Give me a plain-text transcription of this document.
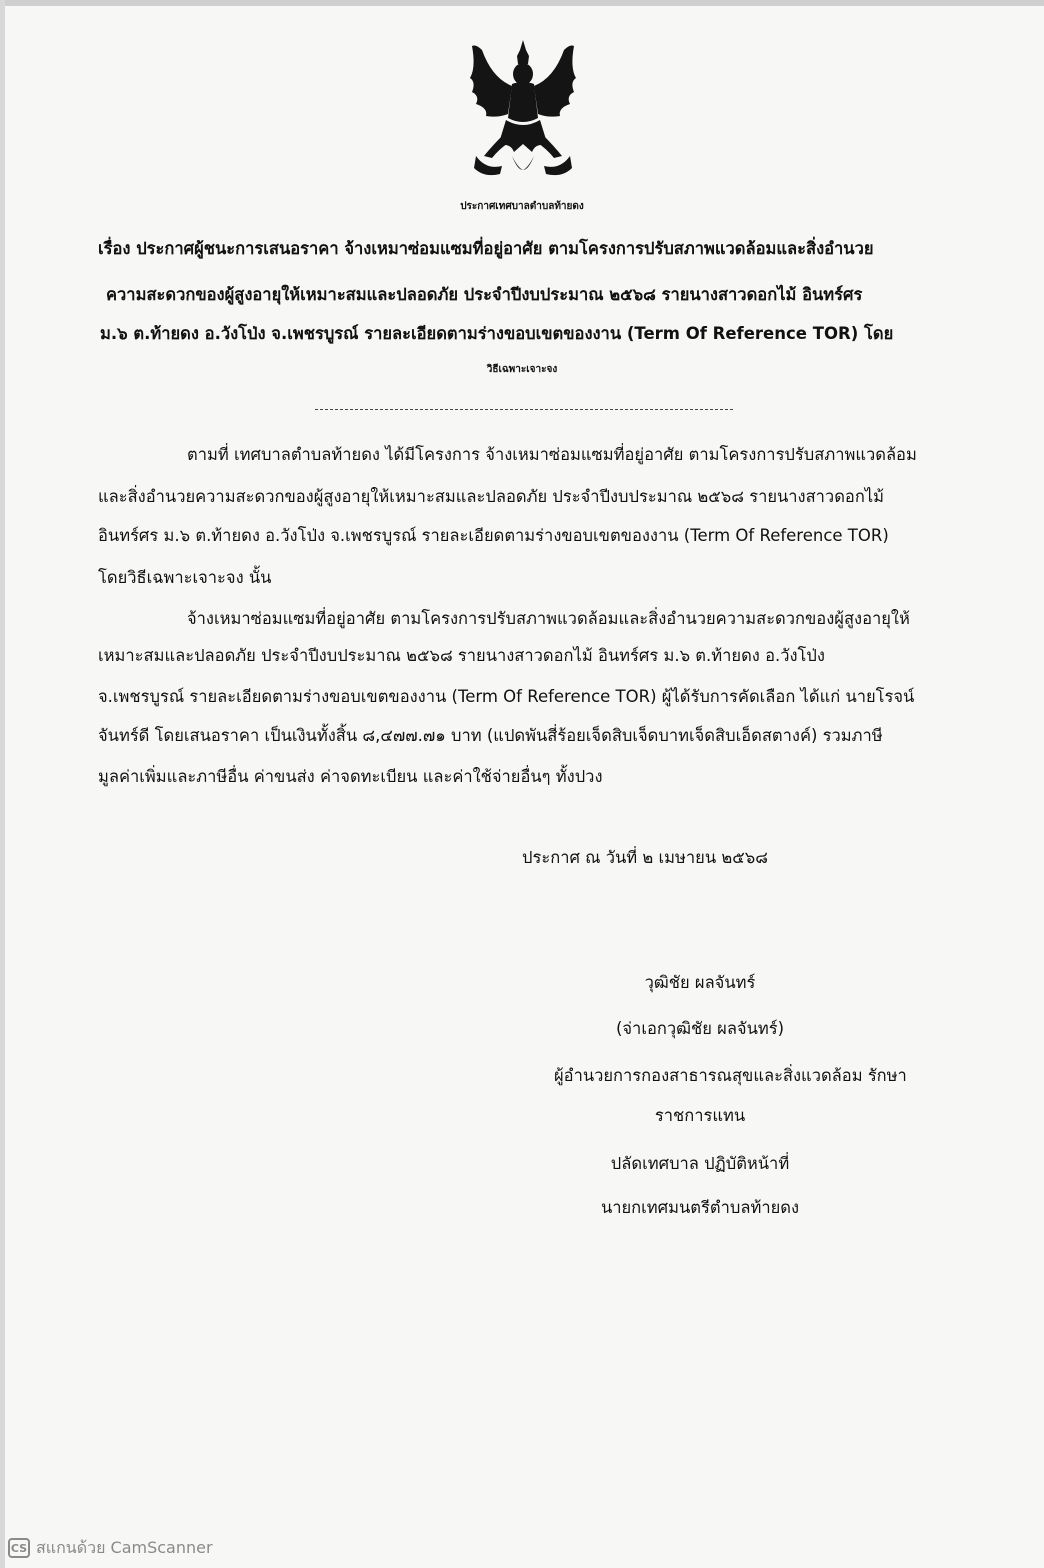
ประกาศเทศบาลตำบลท้ายดง
เรื่อง ประกาศผู้ชนะการเสนอราคา จ้างเหมาซ่อมแซมที่อยู่อาศัย ตามโครงการปรับสภาพแวดล้อมและสิ่งอำนวย
ความสะดวกของผู้สูงอายุให้เหมาะสมและปลอดภัย ประจำปีงบประมาณ ๒๕๖๘ รายนางสาวดอกไม้ อินทร์ศร
ม.๖ ต.ท้ายดง อ.วังโป่ง จ.เพชรบูรณ์ รายละเอียดตามร่างขอบเขตของงาน (Term Of Reference TOR) โดย
วิธีเฉพาะเจาะจง
ตามที่ เทศบาลตำบลท้ายดง ได้มีโครงการ จ้างเหมาซ่อมแซมที่อยู่อาศัย ตามโครงการปรับสภาพแวดล้อม
และสิ่งอำนวยความสะดวกของผู้สูงอายุให้เหมาะสมและปลอดภัย ประจำปีงบประมาณ ๒๕๖๘ รายนางสาวดอกไม้
อินทร์ศร ม.๖ ต.ท้ายดง อ.วังโป่ง จ.เพชรบูรณ์ รายละเอียดตามร่างขอบเขตของงาน (Term Of Reference TOR)
โดยวิธีเฉพาะเจาะจง นั้น
จ้างเหมาซ่อมแซมที่อยู่อาศัย ตามโครงการปรับสภาพแวดล้อมและสิ่งอำนวยความสะดวกของผู้สูงอายุให้
เหมาะสมและปลอดภัย ประจำปีงบประมาณ ๒๕๖๘ รายนางสาวดอกไม้ อินทร์ศร ม.๖ ต.ท้ายดง อ.วังโป่ง
จ.เพชรบูรณ์ รายละเอียดตามร่างขอบเขตของงาน (Term Of Reference TOR) ผู้ได้รับการคัดเลือก ได้แก่ นายโรจน์
จันทร์ดี โดยเสนอราคา เป็นเงินทั้งสิ้น ๘,๔๗๗.๗๑ บาท (แปดพันสี่ร้อยเจ็ดสิบเจ็ดบาทเจ็ดสิบเอ็ดสตางค์) รวมภาษี
มูลค่าเพิ่มและภาษีอื่น ค่าขนส่ง ค่าจดทะเบียน และค่าใช้จ่ายอื่นๆ ทั้งปวง
ประกาศ ณ วันที่ ๒ เมษายน ๒๕๖๘
วุฒิชัย ผลจันทร์
(จ่าเอกวุฒิชัย ผลจันทร์)
ผู้อำนวยการกองสาธารณสุขและสิ่งแวดล้อม รักษา
ราชการแทน
ปลัดเทศบาล ปฏิบัติหน้าที่
นายกเทศมนตรีตำบลท้ายดง
CS สแกนด้วย CamScanner
